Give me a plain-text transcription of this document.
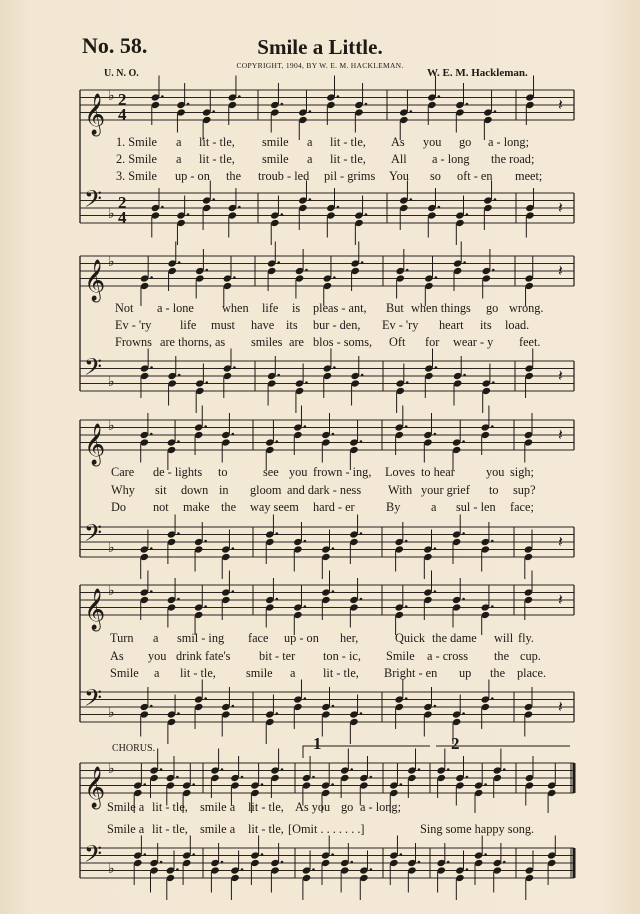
No. 58.	Smile a Little.
COPYRIGHT, 1904, BY W. E. M. HACKLEMAN.
U. N. O.	W. E. M. Hackleman.
CHORUS.
𝄞 ♭ 2
4
𝄽
𝄢 ♭
2
4
𝄽
𝄞 ♭	𝄽
𝄢 ♭	𝄽
𝄞 ♭	𝄽
𝄢 ♭	𝄽
𝄞 ♭	𝄽
𝄢 ♭	𝄽
𝄞 ♭
𝄢 ♭
1. Smile a lit - tle, smile a lit - tle, As you go a - long;
2. Smile a lit - tle, smile a lit - tle, All a - long the road;
3. Smile up - on the troub - led pil - grims You so oft - en meet;
Not a - lone when life is pleas - ant, But when things go wrong.
Ev - 'ry life must have its bur - den, Ev - 'ry heart its load.
Frowns are thorns, as smiles are blos - soms, Oft for wear - y feet.
Care de - lights to	see you frown - ing, Loves to hear	you sigh;
Why sit down in gloom and dark - ness With your grief to sup?
Do not make the way seem hard - er	By a sul - len face;
Turn a smil - ing face up - on her,	Quick the dame will fly.
As you drink fate's bit - ter ton - ic, Smile a - cross the cup.
Smile a lit - tle, smile a lit - tle, Bright - en up the place.
1	2
Smile a lit - tle, smile a lit - tle, As you go a - long;
Smile a lit - tle, smile a lit - tle, [Omit . . . . . . .]	Sing some happy song.
